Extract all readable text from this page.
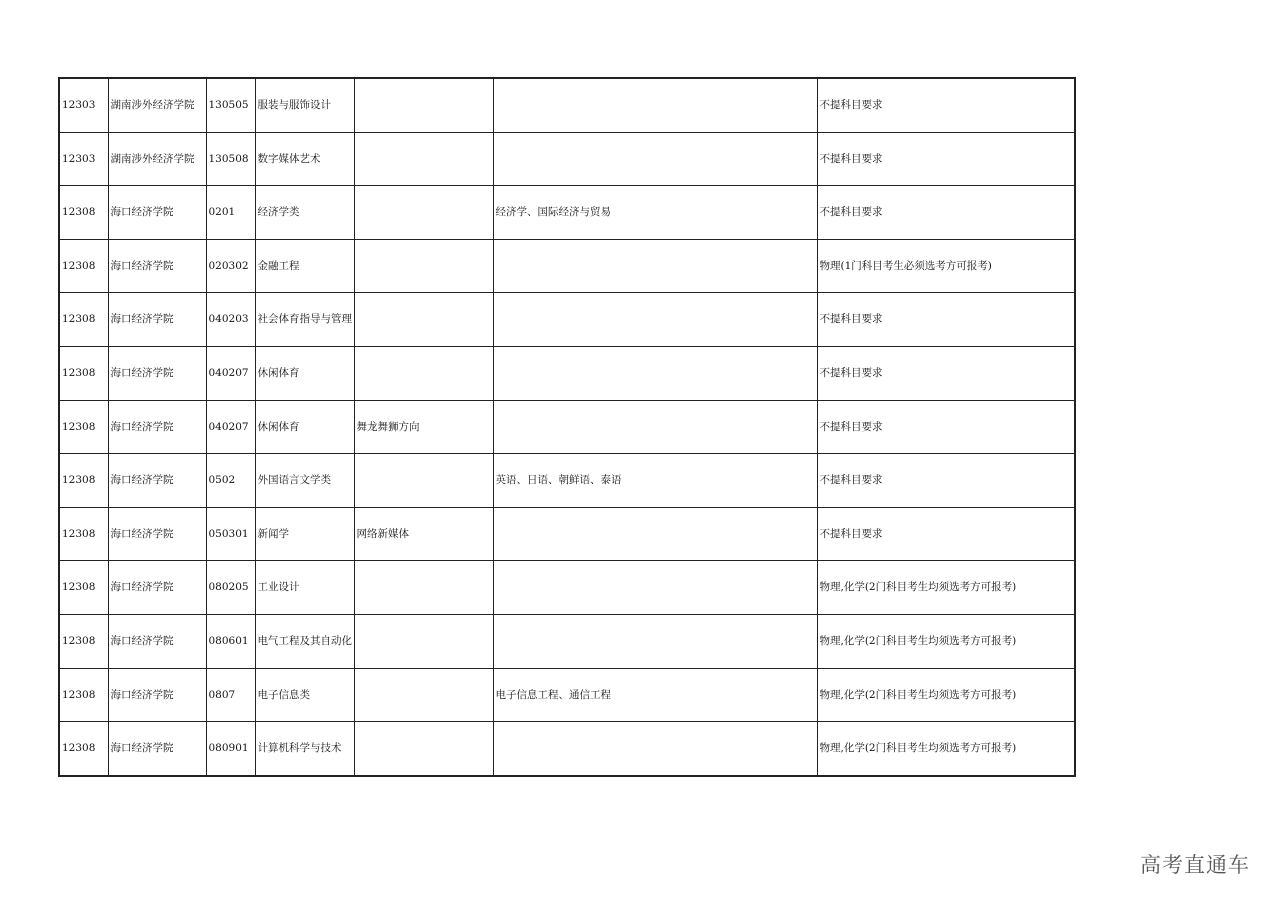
12303	湖南涉外经济学院	130505	服装与服饰设计			不提科目要求
12303	湖南涉外经济学院	130508	数字媒体艺术			不提科目要求
12308	海口经济学院	0201	经济学类		经济学、国际经济与贸易	不提科目要求
12308	海口经济学院	020302	金融工程			物理(1门科目考生必须选考方可报考)
12308	海口经济学院	040203	社会体育指导与管理			不提科目要求
12308	海口经济学院	040207	休闲体育			不提科目要求
12308	海口经济学院	040207	休闲体育	舞龙舞狮方向		不提科目要求
12308	海口经济学院	0502	外国语言文学类		英语、日语、朝鲜语、泰语	不提科目要求
12308	海口经济学院	050301	新闻学	网络新媒体		不提科目要求
12308	海口经济学院	080205	工业设计			物理,化学(2门科目考生均须选考方可报考)
12308	海口经济学院	080601	电气工程及其自动化			物理,化学(2门科目考生均须选考方可报考)
12308	海口经济学院	0807	电子信息类		电子信息工程、通信工程	物理,化学(2门科目考生均须选考方可报考)
12308	海口经济学院	080901	计算机科学与技术			物理,化学(2门科目考生均须选考方可报考)
高考直通车
